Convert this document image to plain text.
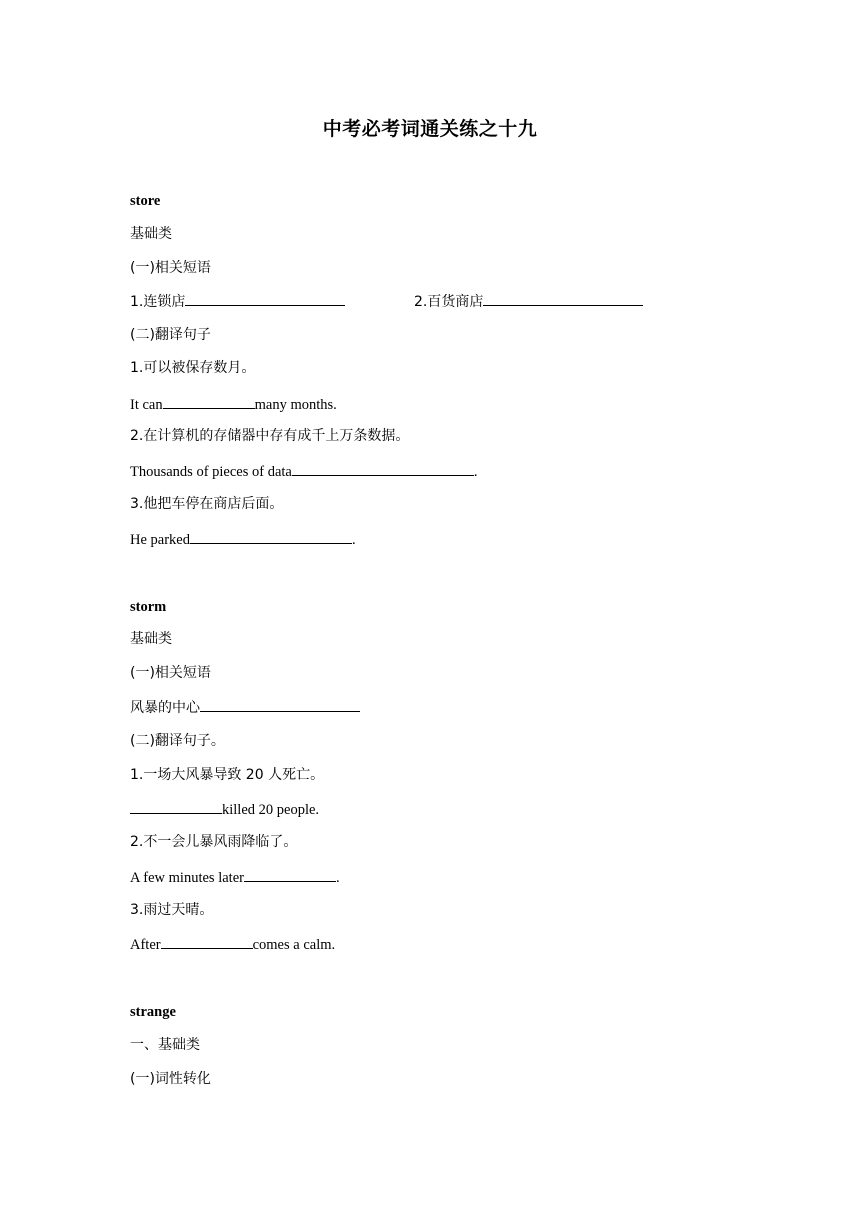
中考必考词通关练之十九
store
基础类
(一)相关短语
1.连锁店	2.百货商店
(二)翻译句子
1.可以被保存数月。
It can	many months.
2.在计算机的存储器中存有成千上万条数据。
Thousands of pieces of data	.
3.他把车停在商店后面。
He parked	.
storm
基础类
(一)相关短语
风暴的中心
(二)翻译句子。
1.一场大风暴导致 20 人死亡。
killed 20 people.
2.不一会儿暴风雨降临了。
A few minutes later	.
3.雨过天晴。
After	comes a calm.
strange
一、基础类
(一)词性转化
